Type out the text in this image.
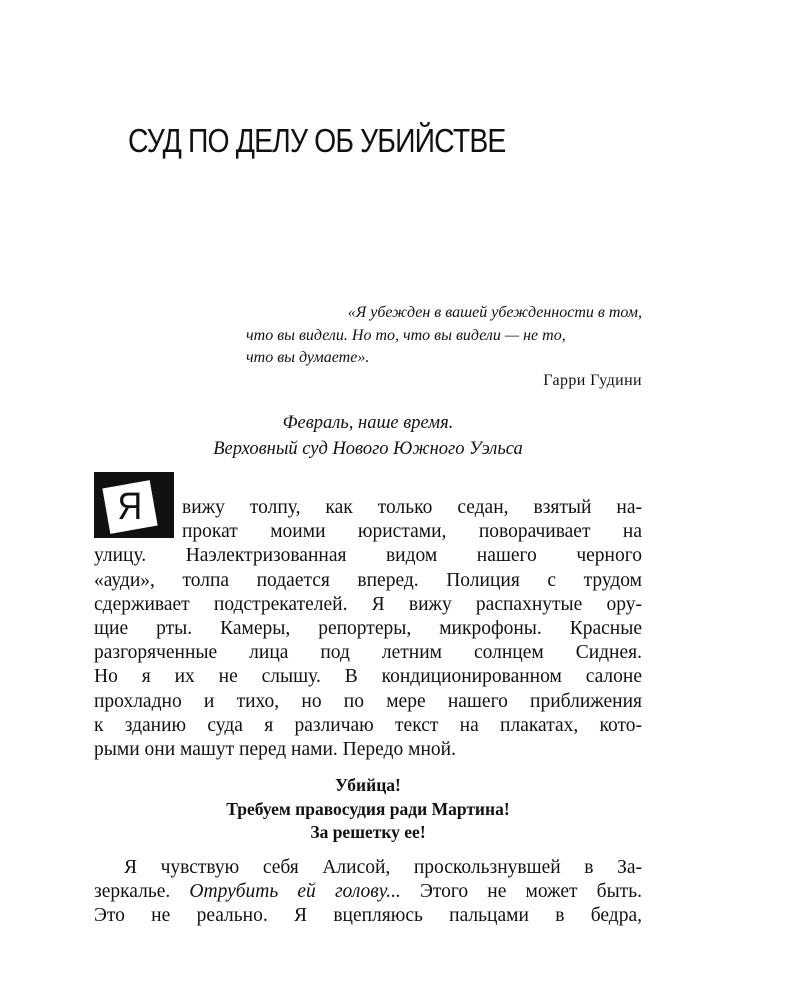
СУД ПО ДЕЛУ ОБ УБИЙСТВЕ

«Я убежден в вашей убежденности в том,
что вы видели. Но то, что вы видели — не то,
что вы думаете».

Гарри Гудини

Февраль, наше время.
Верховный суд Нового Южного Уэльса
Я вижу толпу, как только седан, взятый на-
прокат моими юристами, поворачивает на
улицу. Наэлектризованная видом нашего черного
«ауди», толпа подается вперед. Полиция с трудом
сдерживает подстрекателей. Я вижу распахнутые ору-
щие рты. Камеры, репортеры, микрофоны. Красные
разгоряченные лица под летним солнцем Сиднея.
Но я их не слышу. В кондиционированном салоне
прохладно и тихо, но по мере нашего приближения
к зданию суда я различаю текст на плакатах, кото-
рыми они машут перед нами. Передо мной.
Убийца!
Требуем правосудия ради Мартина!
За решетку ее!
Я чувствую себя Алисой, проскользнувшей в За-
зеркалье. Отрубить ей голову... Этого не может быть.
Это не реально. Я вцепляюсь пальцами в бедра,
